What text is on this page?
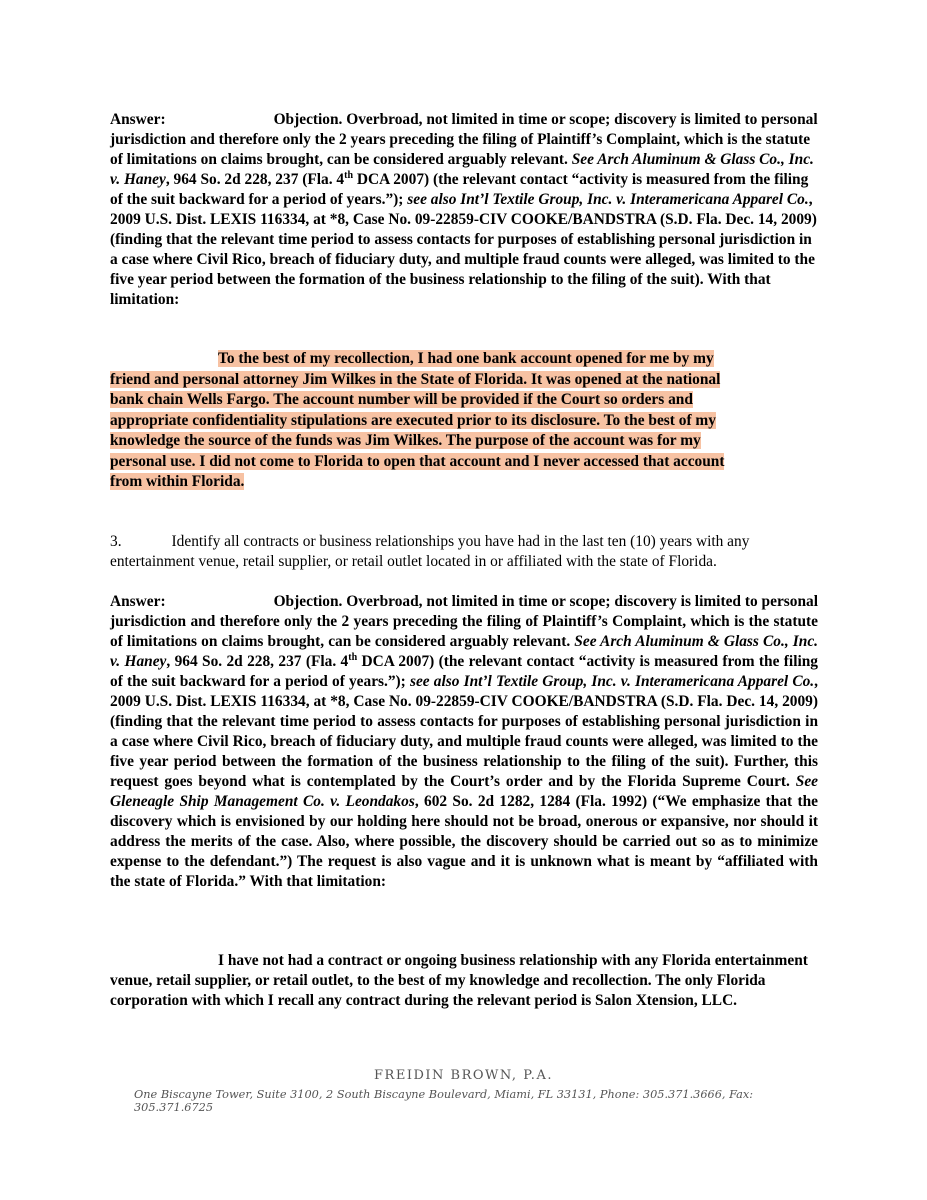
Answer:	Objection. Overbroad, not limited in time or scope; discovery is limited to personal jurisdiction and therefore only the 2 years preceding the filing of Plaintiff’s Complaint, which is the statute of limitations on claims brought, can be considered arguably relevant. See Arch Aluminum & Glass Co., Inc. v. Haney, 964 So. 2d 228, 237 (Fla. 4th DCA 2007) (the relevant contact “activity is measured from the filing of the suit backward for a period of years.”); see also Int’l Textile Group, Inc. v. Interamericana Apparel Co., 2009 U.S. Dist. LEXIS 116334, at *8, Case No. 09-22859-CIV COOKE/BANDSTRA (S.D. Fla. Dec. 14, 2009) (finding that the relevant time period to assess contacts for purposes of establishing personal jurisdiction in a case where Civil Rico, breach of fiduciary duty, and multiple fraud counts were alleged, was limited to the five year period between the formation of the business relationship to the filing of the suit). With that limitation:
To the best of my recollection, I had one bank account opened for me by my
friend and personal attorney Jim Wilkes in the State of Florida. It was opened at the national
bank chain Wells Fargo. The account number will be provided if the Court so orders and
appropriate confidentiality stipulations are executed prior to its disclosure. To the best of my
knowledge the source of the funds was Jim Wilkes. The purpose of the account was for my
personal use. I did not come to Florida to open that account and I never accessed that account
from within Florida.
3.	Identify all contracts or business relationships you have had in the last ten (10) years with any entertainment venue, retail supplier, or retail outlet located in or affiliated with the state of Florida.
Answer:	Objection. Overbroad, not limited in time or scope; discovery is limited to personal jurisdiction and therefore only the 2 years preceding the filing of Plaintiff’s Complaint, which is the statute of limitations on claims brought, can be considered arguably relevant. See Arch Aluminum & Glass Co., Inc. v. Haney, 964 So. 2d 228, 237 (Fla. 4th DCA 2007) (the relevant contact “activity is measured from the filing of the suit backward for a period of years.”); see also Int’l Textile Group, Inc. v. Interamericana Apparel Co., 2009 U.S. Dist. LEXIS 116334, at *8, Case No. 09-22859-CIV COOKE/BANDSTRA (S.D. Fla. Dec. 14, 2009) (finding that the relevant time period to assess contacts for purposes of establishing personal jurisdiction in a case where Civil Rico, breach of fiduciary duty, and multiple fraud counts were alleged, was limited to the five year period between the formation of the business relationship to the filing of the suit). Further, this request goes beyond what is contemplated by the Court’s order and by the Florida Supreme Court. See Gleneagle Ship Management Co. v. Leondakos, 602 So. 2d 1282, 1284 (Fla. 1992) (“We emphasize that the discovery which is envisioned by our holding here should not be broad, onerous or expansive, nor should it address the merits of the case. Also, where possible, the discovery should be carried out so as to minimize expense to the defendant.”) The request is also vague and it is unknown what is meant by “affiliated with the state of Florida.” With that limitation:
I have not had a contract or ongoing business relationship with any Florida entertainment venue, retail supplier, or retail outlet, to the best of my knowledge and recollection. The only Florida corporation with which I recall any contract during the relevant period is Salon Xtension, LLC.
FREIDIN BROWN, P.A.
One Biscayne Tower, Suite 3100, 2 South Biscayne Boulevard, Miami, FL 33131, Phone: 305.371.3666, Fax: 305.371.6725
